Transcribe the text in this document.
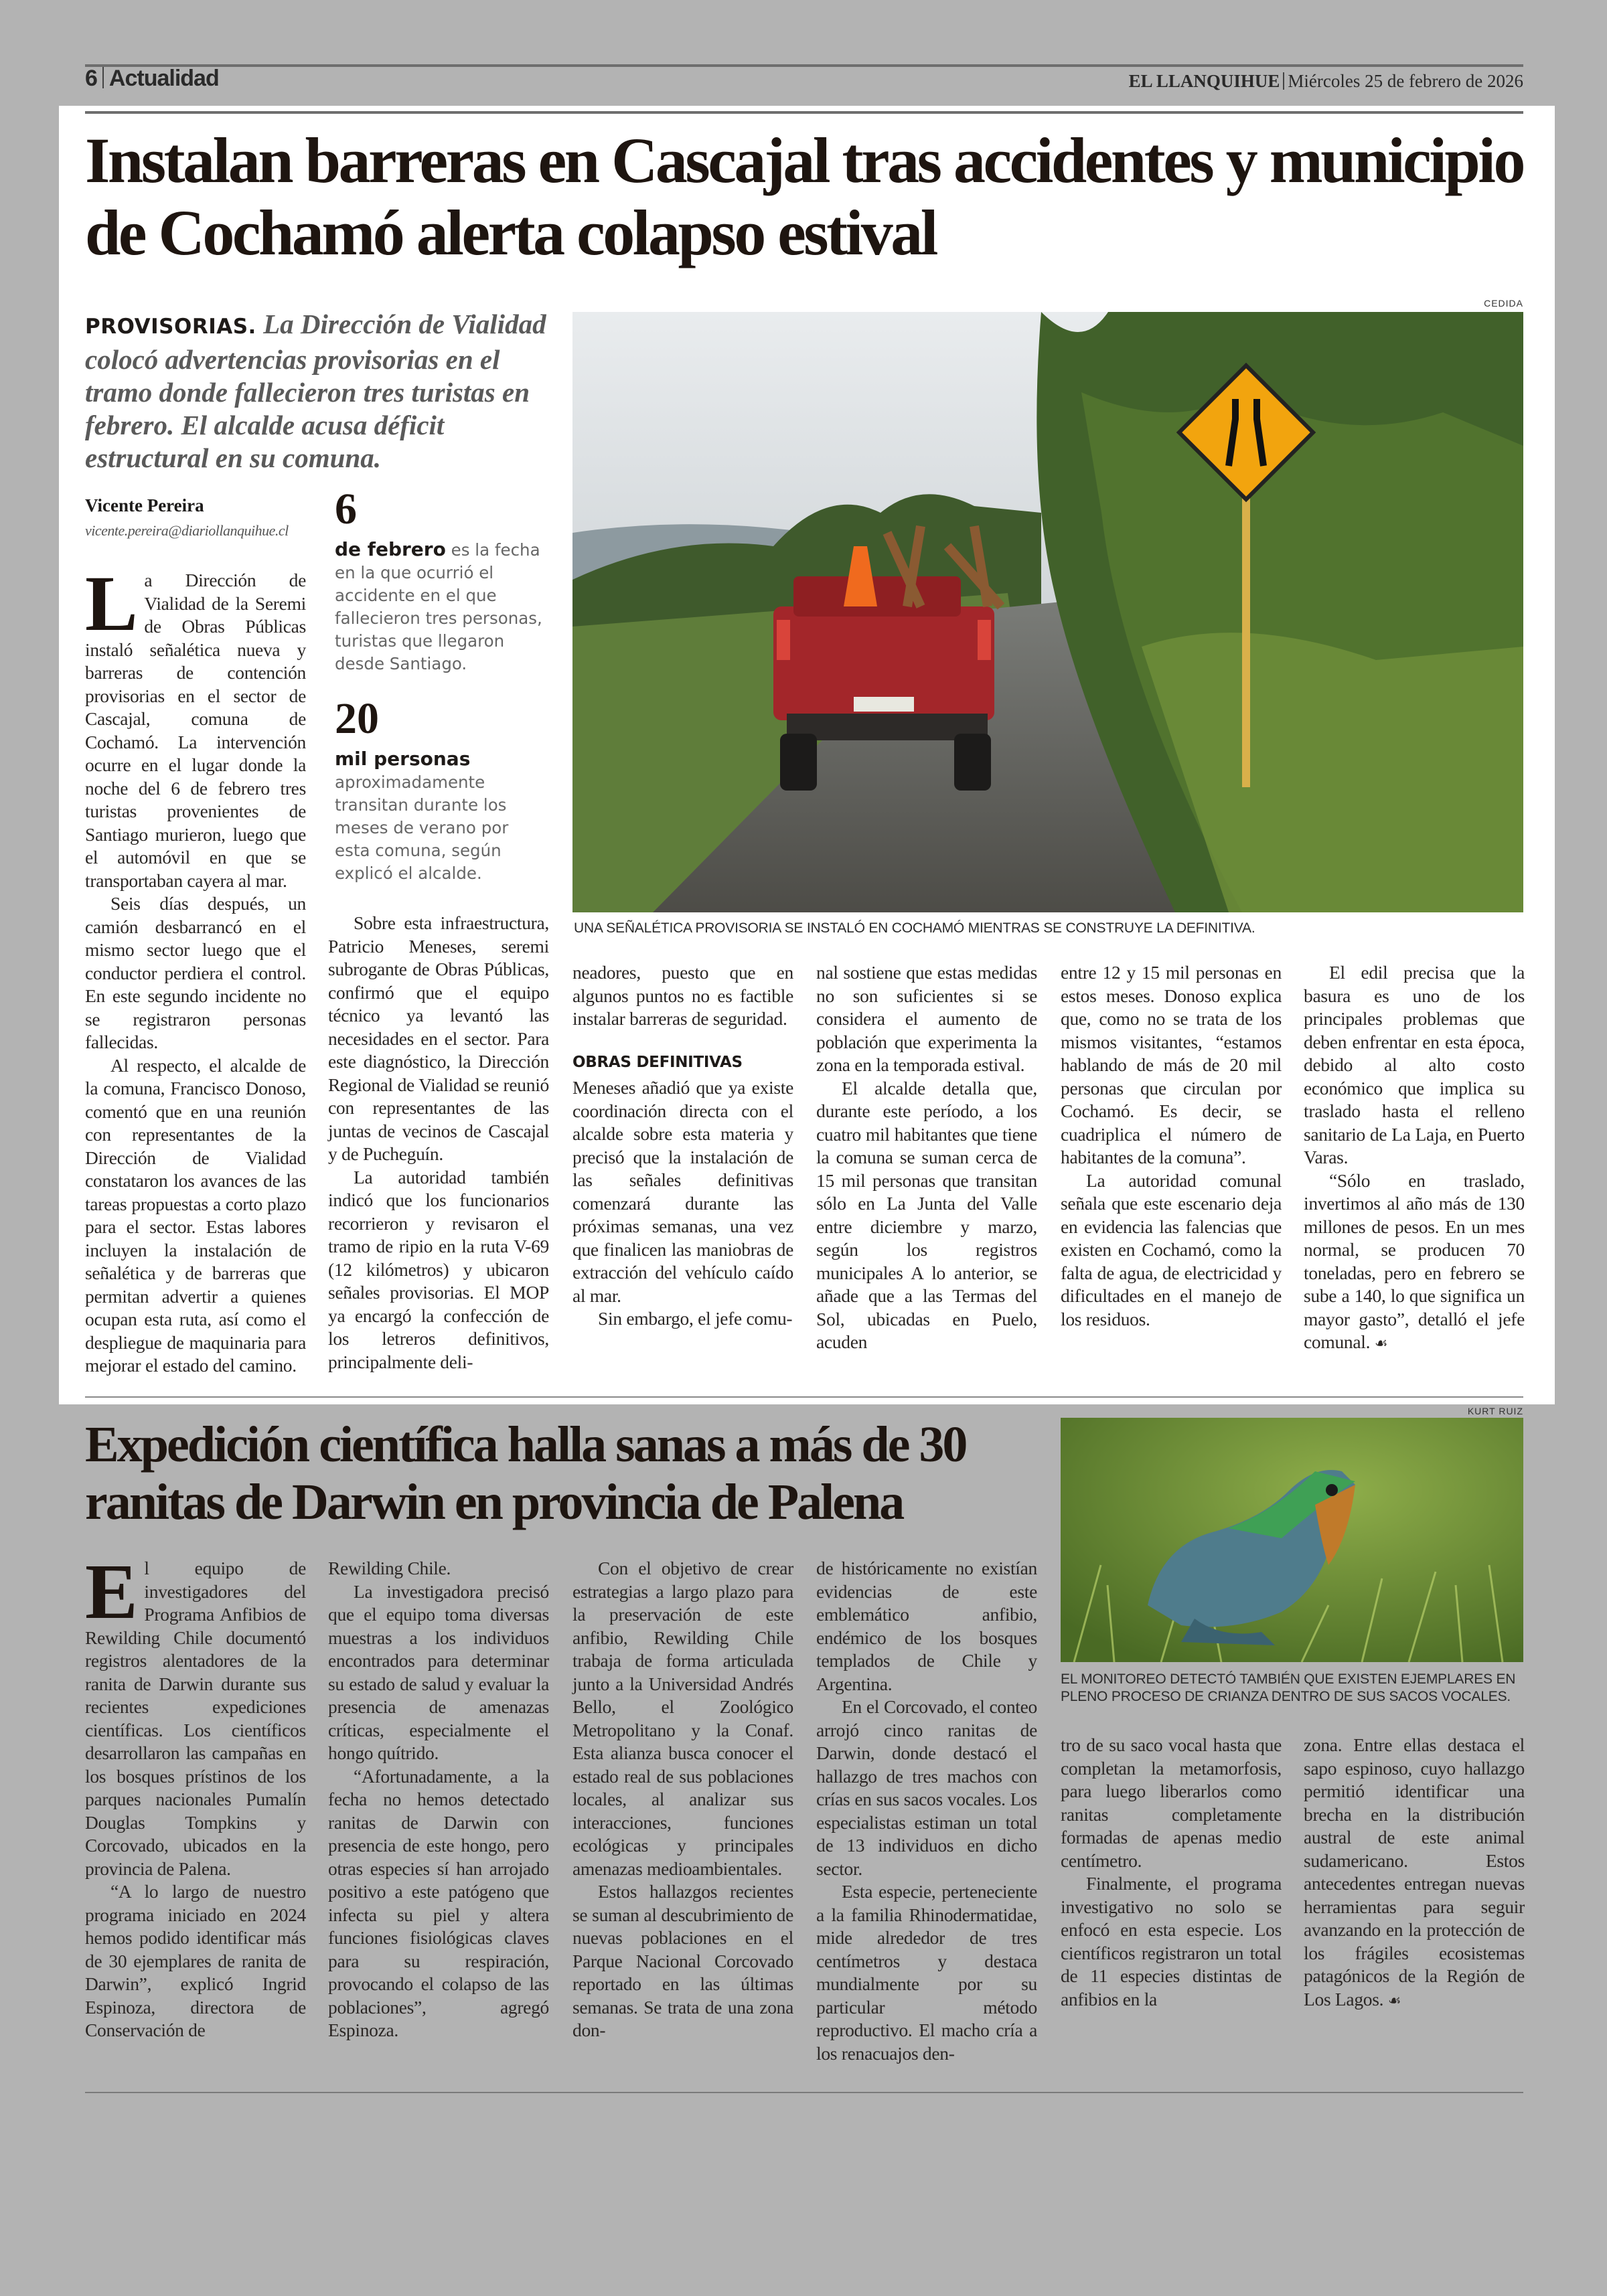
6 Actualidad	EL LLANQUIHUE Miércoles 25 de febrero de 2026
Instalan barreras en Cascajal tras accidentes y municipio de Cochamó alerta colapso estival
PROVISORIAS. La Dirección de Vialidad colocó advertencias provisorias en el tramo donde fallecieron tres turistas en febrero. El alcalde acusa déficit estructural en su comuna.
Vicente Pereira
vicente.pereira@diariollanquihue.cl
CEDIDA
UNA SEÑALÉTICA PROVISORIA SE INSTALÓ EN COCHAMÓ MIENTRAS SE CONSTRUYE LA DEFINITIVA.
6
de febrero es la fecha en la que ocurrió el accidente en el que fallecieron tres personas, turistas que llegaron desde Santiago.
20
mil personas aproximadamente transitan durante los meses de verano por esta comuna, según explicó el alcalde.
L a Dirección de Vialidad de la Seremi de Obras Públicas instaló señalética nueva y barreras de contención provisorias en el sector de Cascajal, comuna de Cochamó. La intervención ocurre en el lugar donde la noche del 6 de febrero tres turistas provenientes de Santiago murieron, luego que el automóvil en que se transportaban cayera al mar.

Seis días después, un camión desbarrancó en el mismo sector luego que el conductor perdiera el control. En este segundo incidente no se registraron personas fallecidas.

Al respecto, el alcalde de la comuna, Francisco Donoso, comentó que en una reunión con representantes de la Dirección de Vialidad constataron los avances de las tareas propuestas a corto plazo para el sector. Estas labores incluyen la instalación de señalética y de barreras que permitan advertir a quienes ocupan esta ruta, así como el despliegue de maquinaria para mejorar el estado del camino.

Sobre esta infraestructura, Patricio Meneses, seremi subrogante de Obras Públicas, confirmó que el equipo técnico ya levantó las necesidades en el sector. Para este diagnóstico, la Dirección Regional de Vialidad se reunió con representantes de las juntas de vecinos de Cascajal y de Pucheguín.

La autoridad también indicó que los funcionarios recorrieron y revisaron el tramo de ripio en la ruta V-69 (12 kilómetros) y ubicaron señales provisorias. El MOP ya encargó la confección de los letreros definitivos, principalmente deli-

neadores, puesto que en algunos puntos no es factible instalar barreras de seguridad.

OBRAS DEFINITIVAS

Meneses añadió que ya existe coordinación directa con el alcalde sobre esta materia y precisó que la instalación de las señales definitivas comenzará durante las próximas semanas, una vez que finalicen las maniobras de extracción del vehículo caído al mar.

Sin embargo, el jefe comu-

nal sostiene que estas medidas no son suficientes si se considera el aumento de población que experimenta la zona en la temporada estival.

El alcalde detalla que, durante este período, a los cuatro mil habitantes que tiene la comuna se suman cerca de 15 mil personas que transitan sólo en La Junta del Valle entre diciembre y marzo, según los registros municipales A lo anterior, se añade que a las Termas del Sol, ubicadas en Puelo, acuden

entre 12 y 15 mil personas en estos meses. Donoso explica que, como no se trata de los mismos visitantes, “estamos hablando de más de 20 mil personas que circulan por Cochamó. Es decir, se cuadriplica el número de habitantes de la comuna”.

La autoridad comunal señala que este escenario deja en evidencia las falencias que existen en Cochamó, como la falta de agua, de electricidad y dificultades en el manejo de los residuos.

El edil precisa que la basura es uno de los principales problemas que deben enfrentar en esta época, debido al alto costo económico que implica su traslado hasta el relleno sanitario de La Laja, en Puerto Varas.

“Sólo en traslado, invertimos al año más de 130 millones de pesos. En un mes normal, se producen 70 toneladas, pero en febrero se sube a 140, lo que significa un mayor gasto”, detalló el jefe comunal. ☙

Expedición científica halla sanas a más de 30 ranitas de Darwin en provincia de Palena
KURT RUIZ
EL MONITOREO DETECTÓ TAMBIÉN QUE EXISTEN EJEMPLARES EN PLENO PROCESO DE CRIANZA DENTRO DE SUS SACOS VOCALES.
E l equipo de investigadores del Programa Anfibios de Rewilding Chile documentó registros alentadores de la ranita de Darwin durante sus recientes expediciones científicas. Los científicos desarrollaron las campañas en los bosques prístinos de los parques nacionales Pumalín Douglas Tompkins y Corcovado, ubicados en la provincia de Palena.

“A lo largo de nuestro programa iniciado en 2024 hemos podido identificar más de 30 ejemplares de ranita de Darwin”, explicó Ingrid Espinoza, directora de Conservación de

Rewilding Chile.

La investigadora precisó que el equipo toma diversas muestras a los individuos encontrados para determinar su estado de salud y evaluar la presencia de amenazas críticas, especialmente el hongo quítrido.

“Afortunadamente, a la fecha no hemos detectado ranitas de Darwin con presencia de este hongo, pero otras especies sí han arrojado positivo a este patógeno que infecta su piel y altera funciones fisiológicas claves para su respiración, provocando el colapso de las poblaciones”, agregó Espinoza.

Con el objetivo de crear estrategias a largo plazo para la preservación de este anfibio, Rewilding Chile trabaja de forma articulada junto a la Universidad Andrés Bello, el Zoológico Metropolitano y la Conaf. Esta alianza busca conocer el estado real de sus poblaciones locales, al analizar sus interacciones, funciones ecológicas y principales amenazas medioambientales.

Estos hallazgos recientes se suman al descubrimiento de nuevas poblaciones en el Parque Nacional Corcovado reportado en las últimas semanas. Se trata de una zona don-

de históricamente no existían evidencias de este emblemático anfibio, endémico de los bosques templados de Chile y Argentina.

En el Corcovado, el conteo arrojó cinco ranitas de Darwin, donde destacó el hallazgo de tres machos con crías en sus sacos vocales. Los especialistas estiman un total de 13 individuos en dicho sector.

Esta especie, perteneciente a la familia Rhinodermatidae, mide alrededor de tres centímetros y destaca mundialmente por su particular método reproductivo. El macho cría a los renacuajos den-

tro de su saco vocal hasta que completan la metamorfosis, para luego liberarlos como ranitas completamente formadas de apenas medio centímetro.

Finalmente, el programa investigativo no solo se enfocó en esta especie. Los científicos registraron un total de 11 especies distintas de anfibios en la

zona. Entre ellas destaca el sapo espinoso, cuyo hallazgo permitió identificar una brecha en la distribución austral de este animal sudamericano. Estos antecedentes entregan nuevas herramientas para seguir avanzando en la protección de los frágiles ecosistemas patagónicos de la Región de Los Lagos. ☙
